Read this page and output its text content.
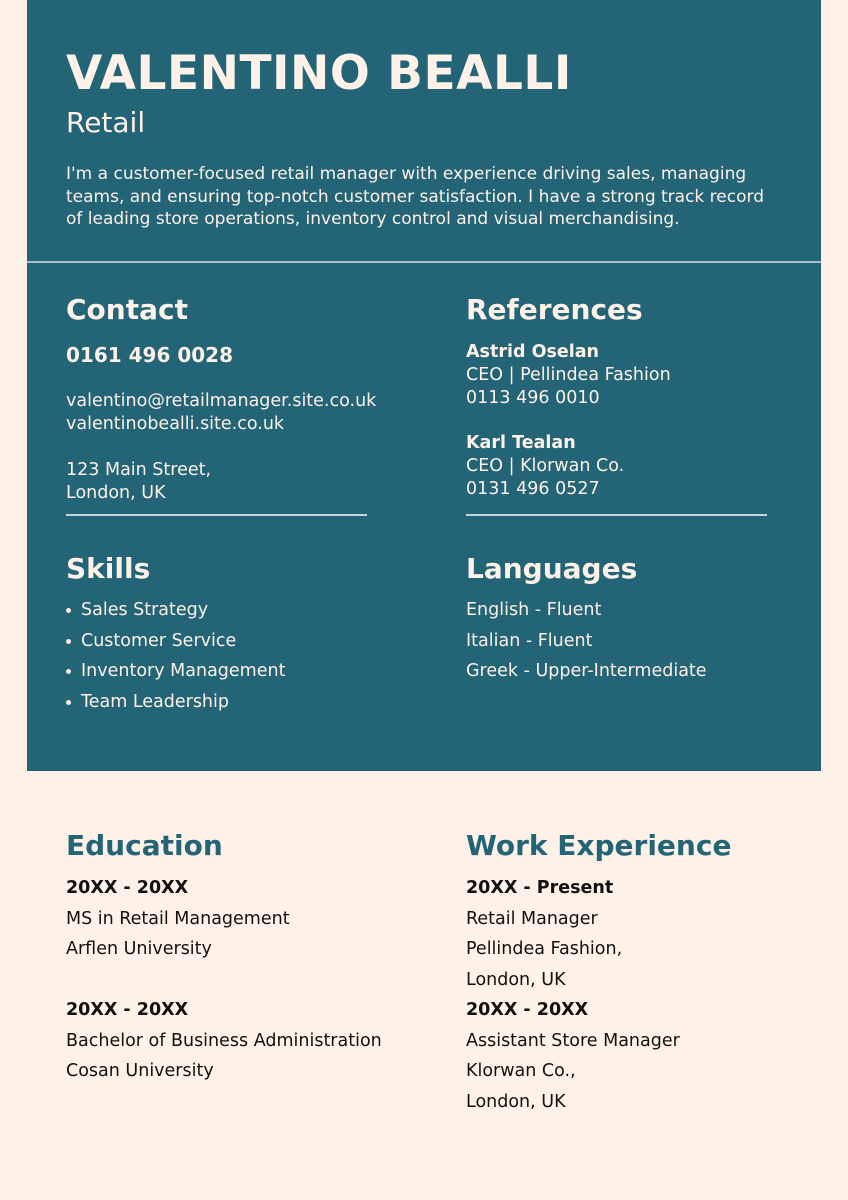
VALENTINO BEALLI
Retail
I'm a customer-focused retail manager with experience driving sales, managing teams, and ensuring top-notch customer satisfaction. I have a strong track record of leading store operations, inventory control and visual merchandising.
Contact
0161 496 0028
valentino@retailmanager.site.co.uk
valentinobealli.site.co.uk
123 Main Street,
London, UK
References
Astrid Oselan
CEO | Pellindea Fashion
0113 496 0010
Karl Tealan
CEO | Klorwan Co.
0131 496 0527
Skills
Sales Strategy
Customer Service
Inventory Management
Team Leadership
Languages
English - Fluent
Italian - Fluent
Greek - Upper-Intermediate
Education
20XX - 20XX
MS in Retail Management
Arflen University
20XX - 20XX
Bachelor of Business Administration
Cosan University
Work Experience
20XX - Present
Retail Manager
Pellindea Fashion,
London, UK
20XX - 20XX
Assistant Store Manager
Klorwan Co.,
London, UK
